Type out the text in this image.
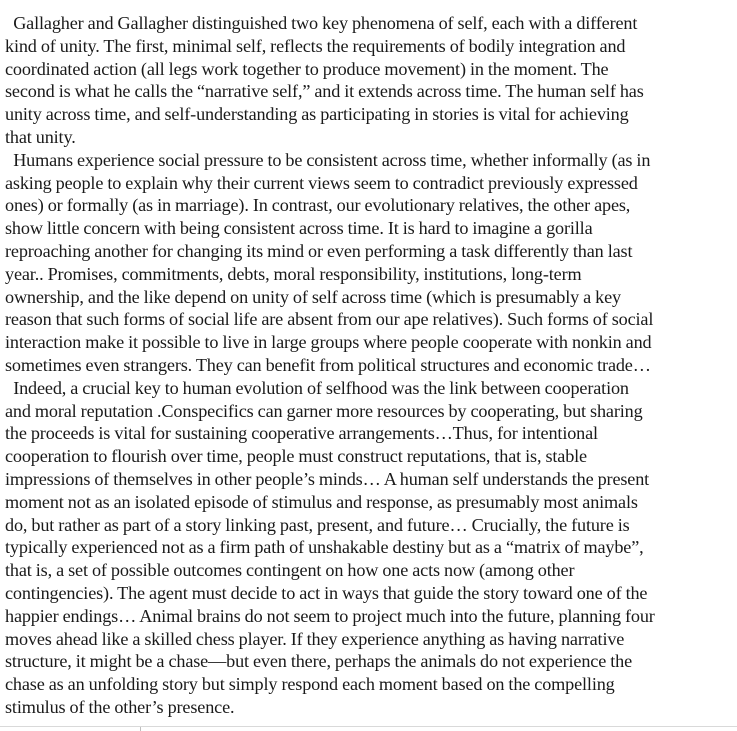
Gallagher and Gallagher distinguished two key phenomena of self, each with a different
kind of unity. The first, minimal self, reflects the requirements of bodily integration and
coordinated action (all legs work together to produce movement) in the moment. The
second is what he calls the “narrative self,” and it extends across time. The human self has
unity across time, and self-understanding as participating in stories is vital for achieving
that unity.
Humans experience social pressure to be consistent across time, whether informally (as in
asking people to explain why their current views seem to contradict previously expressed
ones) or formally (as in marriage). In contrast, our evolutionary relatives, the other apes,
show little concern with being consistent across time. It is hard to imagine a gorilla
reproaching another for changing its mind or even performing a task differently than last
year.. Promises, commitments, debts, moral responsibility, institutions, long-term
ownership, and the like depend on unity of self across time (which is presumably a key
reason that such forms of social life are absent from our ape relatives). Such forms of social
interaction make it possible to live in large groups where people cooperate with nonkin and
sometimes even strangers. They can benefit from political structures and economic trade…
Indeed, a crucial key to human evolution of selfhood was the link between cooperation
and moral reputation .Conspecifics can garner more resources by cooperating, but sharing
the proceeds is vital for sustaining cooperative arrangements…Thus, for intentional
cooperation to flourish over time, people must construct reputations, that is, stable
impressions of themselves in other people’s minds… A human self understands the present
moment not as an isolated episode of stimulus and response, as presumably most animals
do, but rather as part of a story linking past, present, and future… Crucially, the future is
typically experienced not as a firm path of unshakable destiny but as a “matrix of maybe”,
that is, a set of possible outcomes contingent on how one acts now (among other
contingencies). The agent must decide to act in ways that guide the story toward one of the
happier endings… Animal brains do not seem to project much into the future, planning four
moves ahead like a skilled chess player. If they experience anything as having narrative
structure, it might be a chase—but even there, perhaps the animals do not experience the
chase as an unfolding story but simply respond each moment based on the compelling
stimulus of the other’s presence.
